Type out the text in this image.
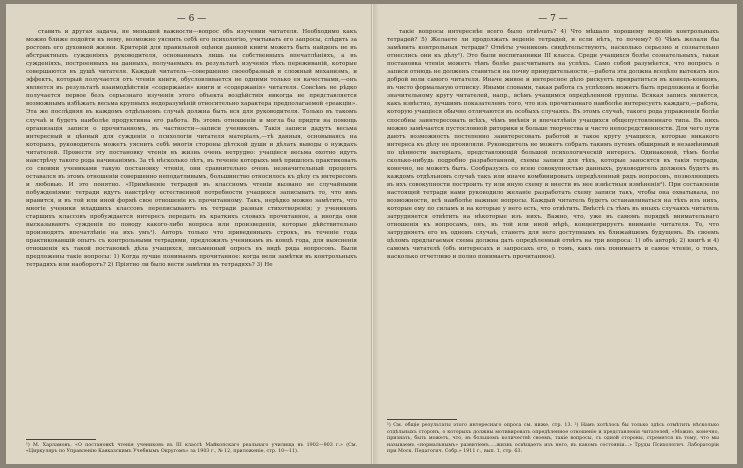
— 6 —

ставить и другая задача, не меньшей важности—вопрос объ изучении читателя. Необходимо какъ можно ближе подойти къ нему, возможно уяснить себѣ его психологію, учитывать его запросы, слѣдить за ростомъ его духовной жизни. Критерій для правильной оцѣнки данной книги можетъ быть найденъ не въ абстрактныхъ сужденіяхъ руководителя, основанныхъ лишь на собственныхъ впечатлѣніяхъ, а въ сужденіяхъ, построенныхъ на данныхъ, получаемыхъ въ результатѣ изученія тѣхъ переживаній, которые совершаются въ душѣ читателя. Каждый читатель—совершенно своеобразный и сложный механизмъ, и эффектъ, который получается отъ чтенія книги, обусловливается не одними только ея качествами,—онъ является въ результатѣ взаимодѣйствія «содержанія» книги и «содержанія» читателя. Совсѣмъ не рѣдко получается первое безъ серьезнаго изученія этого объекта воздѣйствія никогда не представляется возможнымъ избѣжать весьма крупныхъ недоразумѣній относительно характера предполагаемой «реакціи». Эта же послѣдняя въ каждомъ отдѣльномъ случаѣ должна быть вся для руководителя. Только въ такомъ случаѣ и будетъ наиболѣе продуктивна его работа. Въ этомъ отношеніи и могла бы придти на помощь организація записи о прочитанномъ, въ частности—записи учениковъ. Такія записи дадутъ весьма интересный и цѣнный для сужденія о психологіи читателя матеріалъ,—тѣ данныя, основываясь на которыхъ, руководитель можетъ уяснить себѣ многія стороны дѣтской души и дѣлать выводы о нуждахъ читателей. Провести эту постановку чтенія въ жизнь очень нетрудно: учащіеся весьма охотно идутъ навстрѣчу такого рода начинаніямъ. За тѣ нѣсколько лѣтъ, въ теченіе которыхъ мнѣ пришлось практиковать со своими учениками такую постановку чтенія, они сравнительно очень незначительный процентъ оставался въ этомъ отношеніи совершенно неподатливымъ, большинство относилось къ дѣлу съ интересомъ и любовью. И это понятно. «Примѣненіе тетрадей въ классномъ чтеніи вызвано не случайными побужденіями: тетради идутъ навстрѣчу естественной потребности учащихся записывать то, что имъ нравится, и въ той или иной формѣ свое отношеніе къ прочитанному. Такъ, нерѣдко можно замѣтить, что многіе ученики младшихъ классовъ переписываютъ въ тетради разныя стихотворенія; у учениковъ старшихъ классовъ пробуждается интересъ передать въ краткихъ словахъ прочитанное, а иногда они высказываютъ сужденія по поводу какого-либо вопроса или произведенія, которые дѣйствительно производятъ впечатлѣніе на ихъ умъ¹). Авторъ только что приведенныхъ строкъ, въ теченіе года практиковавшій опытъ съ контрольными тетрадями, предложилъ ученикамъ въ концѣ года, для выясненія отношенія къ такой постановкѣ дѣла учащихся, письменный опросъ въ видѣ ряда вопросовъ. Были предложены такіе вопросы: 1) Когда лучше понимаемъ прочитанное: когда вели замѣтки въ контрольныхъ тетрадяхъ или наоборотъ? 2) Пріятно ли было вести замѣтки въ тетрадяхъ? 3) Не

¹) М. Харламовъ. «О постановкѣ чтенія учениковъ въ III классѣ Майкопскаго реальнаго училища въ 1902—903 г.» (См. «Циркуляръ по Управленію Кавказскимъ Учебнымъ Округомъ» за 1903 г., № 12, приложеніе, стр. 10—11).

— 7 —

такіе вопросы интереснѣе всего было отвѣчать? 4) Что мѣшало хорошему веденію контрольныхъ тетрадей? 5) Желаете ли продолжать веденіе тетрадей, и если нѣтъ, то почему? 6) Чѣмъ желали бы замѣнить контрольныя тетради? Отвѣты учениковъ свидѣтельствуютъ, насколько серьезно и сознательно отнеслись они къ дѣлу¹). Это были воспитанники III класса. Среди учащихся болѣе сознательныхъ, такая постановка чтенія можетъ тѣмъ болѣе разсчитывать на успѣхъ. Само собой разумѣется, что вопросъ о записи отнюдь не долженъ ставиться на почву принудительности,—работа эта должна всецѣло вытекать изъ доброй воли самого читателя. Иначе живое и интересное дѣло рискуетъ превратиться въ конецъ-концовъ, въ чисто формальную отписку. Иными словами, такая работа съ успѣхомъ можетъ быть предложена и болѣе значительному кругу читателей, напр., всѣмъ учащимся опредѣленной группы. Всякая запись является, какъ извѣстно, лучшимъ показателемъ того, что изъ прочитаннаго наиболѣе интересуетъ каждаго,—работа, которую учащіеся обычно отличаются въ особыхъ случаяхъ. Въ этомъ случаѣ, такого рода упражненія болѣе способны заинтересовать всѣхъ, чѣмъ мнѣнія и впечатлѣнія учащихся общепустовленнаго типа. Въ нихъ можно замѣчается пустословной риторики и больше творчества и чисто непосредственности. Для чего пути даютъ возможность постепенно заинтересовать работой и такое кругу учащихся, которые никакого интереса къ дѣлу не проявляли. Руководитель не можетъ собрать такимъ путемъ обширный и незамѣнимый по цѣнности матеріалъ, представляющій большой психологическій интересъ. Одинаковой, тѣмъ болѣе сколько-нибудь подробно разработанной, схемы записи для тѣхъ, которые заносятся въ такія тетради, конечно, не можетъ быть. Сообразуясь со всею совокупностью данныхъ, руководитель долженъ будетъ въ каждомъ отдѣльномъ случаѣ такъ или иначе комбинировать опредѣленный рядъ вопросовъ, позволяющихъ въ ихъ совокупности построить ту или иную схему и внести въ нее извѣстныя измѣненія²). При составленіи настоящей тетради нами руководило желаніе разработать схему записи такъ, чтобы она охватывала, по возможности, всѣ наиболѣе важные вопросы. Каждый читатель будетъ останавливаться на тѣхъ изъ нихъ, которые ему по силамъ и на которые у него есть, что отвѣтить. Вмѣстѣ съ тѣмъ въ иныхъ случаяхъ читатель затрудняется отвѣтить на нѣкоторые изъ нихъ. Важно, что, уже въ самомъ порядкѣ внимательнаго отношенія къ вопросамъ, онъ, въ той или иной мѣрѣ, концентрируетъ вниманіе читателя. То, что затрудняетъ его въ одномъ случаѣ, станетъ для него доступнымъ въ ближайшемъ будущемъ. Въ своемъ цѣломъ предлагаемая схема должна дать опредѣленный отвѣтъ на три вопроса: 1) объ авторѣ; 2) книгѣ и 4) самомъ читателѣ (объ интересахъ и запросахъ его, о томъ, какъ онъ понимаетъ и самое чтеніе, о томъ, насколько отчетливо и полно понимаетъ прочитанное).

¹) См. общіе результаты этого интереснаго опроса см. ниже, стр. 13. ²) Намъ хотѣлось бы только здѣсь отмѣтить нѣсколько отдѣльныхъ сторонъ, о которыхъ должны мотивировать опредѣленное отношеніе и представленія читателей, «Можно, конечно, признать, быть можетъ, что, въ большомъ количествѣ своемъ, такіе вопросы, съ одной стороны, стремятся къ тому, что мы называемъ «нормальнымъ» развитіемъ.....жизнь освѣщаетъ изъ него, въ какомъ состояніи...» Труды Психологич. Лабораторіи при Моск. Педагогич. Собр.» 1911 г., вып. 1, стр. 63.
